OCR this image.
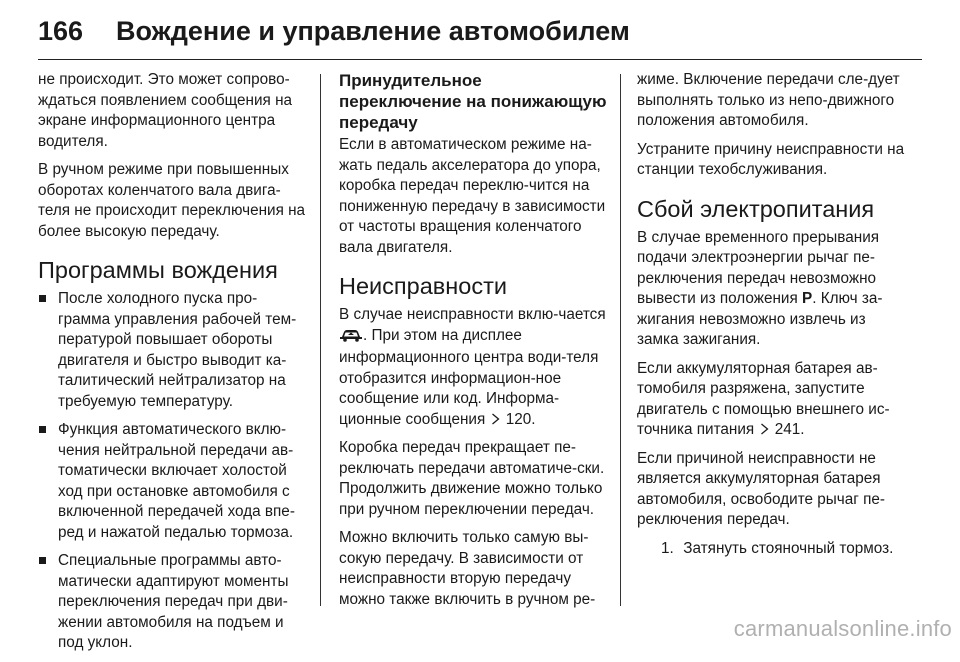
166	Вождение и управление автомобилем

не происходит. Это может сопрово-ждаться появлением сообщения на экране информационного центра водителя.

В ручном режиме при повышенных оборотах коленчатого вала двига-теля не происходит переключения на более высокую передачу.

Программы вождения
После холодного пуска про-грамма управления рабочей тем-пературой повышает обороты двигателя и быстро выводит ка-талитический нейтрализатор на требуемую температуру.
Функция автоматического вклю-чения нейтральной передачи ав-томатически включает холостой ход при остановке автомобиля с включенной передачей хода впе-ред и нажатой педалью тормоза.
Специальные программы авто-матически адаптируют моменты переключения передач при дви-жении автомобиля на подъем и под уклон.
Принудительное переключение на понижающую передачу

Если в автоматическом режиме на-жать педаль акселератора до упора, коробка передач переклю-чится на пониженную передачу в зависимости от частоты вращения коленчатого вала двигателя.

Неисправности

В случае неисправности вклю-чается . При этом на дисплее информационного центра води-теля отобразится информацион-ное сообщение или код. Информа-ционные сообщения 120.

Коробка передач прекращает пе-реключать передачи автоматиче-ски. Продолжить движение можно только при ручном переключении передач.

Можно включить только самую вы-сокую передачу. В зависимости от неисправности вторую передачу можно также включить в ручном ре-

жиме. Включение передачи сле-дует выполнять только из непо-движного положения автомобиля.

Устраните причину неисправности на станции техобслуживания.

Сбой электропитания

В случае временного прерывания подачи электроэнергии рычаг пе-реключения передач невозможно вывести из положения P. Ключ за-жигания невозможно извлечь из замка зажигания.

Если аккумуляторная батарея ав-томобиля разряжена, запустите двигатель с помощью внешнего ис-точника питания 241.

Если причиной неисправности не является аккумуляторная батарея автомобиля, освободите рычаг пе-реключения передач.

1. Затянуть стояночный тормоз.
carmanualsonline.info
